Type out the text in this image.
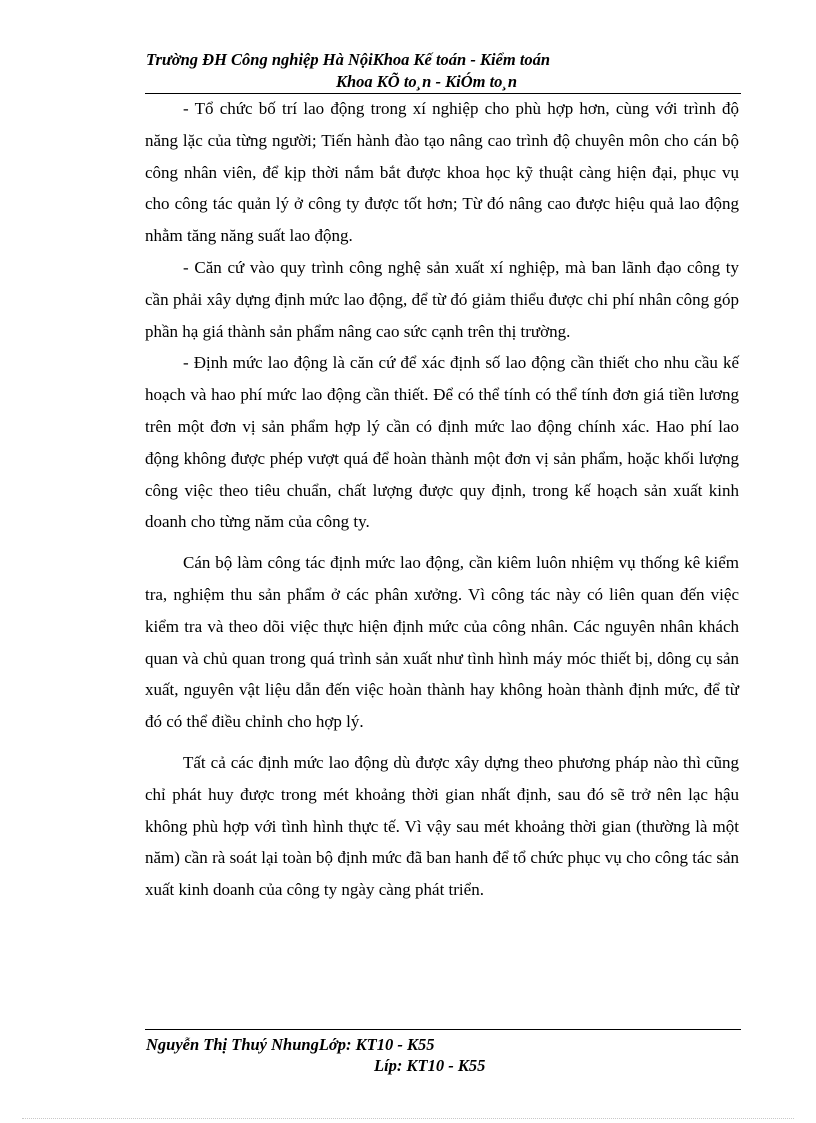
Trường ĐH Công nghiệp Hà NộiKhoa Kế toán - Kiểm toán
Khoa KÕ to¸n - KiÓm to¸n

- Tổ chức bố trí lao động trong xí nghiệp cho phù hợp hơn, cùng với trình độ năng lặc của từng người; Tiến hành đào tạo nâng cao trình độ chuyên môn cho cán bộ công nhân viên, để kịp thời nắm bắt được khoa học kỹ thuật càng hiện đại, phục vụ cho công tác quản lý ở công ty được tốt hơn; Từ đó nâng cao được hiệu quả lao động nhằm tăng năng suất lao động.

- Căn cứ vào quy trình công nghệ sản xuất xí nghiệp, mà ban lãnh đạo công ty cần phải xây dựng định mức lao động, để từ đó giảm thiểu được chi phí nhân công góp phần hạ giá thành sản phẩm nâng cao sức cạnh trên thị trường.

- Định mức lao động là căn cứ để xác định số lao động cần thiết cho nhu cầu kế hoạch và hao phí mức lao động cần thiết. Để có thể tính có thể tính đơn giá tiền lương trên một đơn vị sản phẩm hợp lý cần có định mức lao động chính xác. Hao phí lao động không được phép vượt quá để hoàn thành một đơn vị sản phẩm, hoặc khối lượng công việc theo tiêu chuẩn, chất lượng được quy định, trong kế hoạch sản xuất kinh doanh cho từng năm của công ty.

Cán bộ làm công tác định mức lao động, cần kiêm luôn nhiệm vụ thống kê kiểm tra, nghiệm thu sản phẩm ở các phân xưởng. Vì công tác này có liên quan đến việc kiểm tra và theo dõi việc thực hiện định mức của công nhân. Các nguyên nhân khách quan và chủ quan trong quá trình sản xuất như tình hình máy móc thiết bị, dông cụ sản xuất, nguyên vật liệu dẫn đến việc hoàn thành hay không hoàn thành định mức, để từ đó có thể điều chỉnh cho hợp lý.

Tất cả các định mức lao động dù được xây dựng theo phương pháp nào thì cũng chỉ phát huy được trong mét khoảng thời gian nhất định, sau đó sẽ trở nên lạc hậu không phù hợp với tình hình thực tế. Vì vậy sau mét khoảng thời gian (thường là một năm) cần rà soát lại toàn bộ định mức đã ban hanh để tổ chức phục vụ cho công tác sản xuất kinh doanh của công ty ngày càng phát triển.

Nguyễn Thị Thuý NhungLớp: KT10 - K55
Líp: KT10 - K55
